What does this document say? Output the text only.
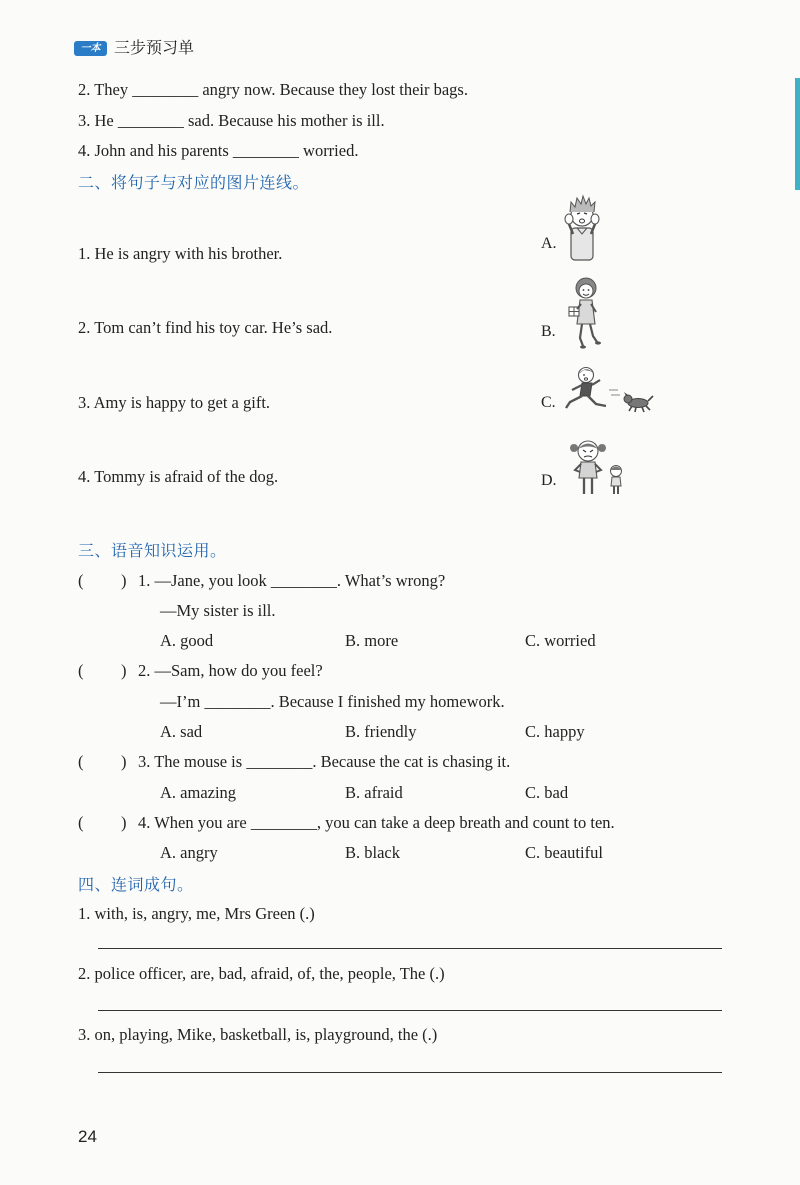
一本 三步预习单
2. They ________ angry now. Because they lost their bags.
3. He ________ sad. Because his mother is ill.
4. John and his parents ________ worried.
二、将句子与对应的图片连线。
1. He is angry with his brother.
2. Tom can’t find his toy car. He’s sad.
3. Amy is happy to get a gift.
4. Tommy is afraid of the dog.
A.
B.
C.
D.
三、语音知识运用。
( ) 1. —Jane, you look ________. What’s wrong?
—My sister is ill.
A. good	B. more	C. worried
( ) 2. —Sam, how do you feel?
—I’m ________. Because I finished my homework.
A. sad	B. friendly	C. happy
( ) 3. The mouse is ________. Because the cat is chasing it.
A. amazing	B. afraid	C. bad
( ) 4. When you are ________, you can take a deep breath and count to ten.
A. angry	B. black	C. beautiful
四、连词成句。
1. with, is, angry, me, Mrs Green (.)
2. police officer, are, bad, afraid, of, the, people, The (.)
3. on, playing, Mike, basketball, is, playground, the (.)
24
